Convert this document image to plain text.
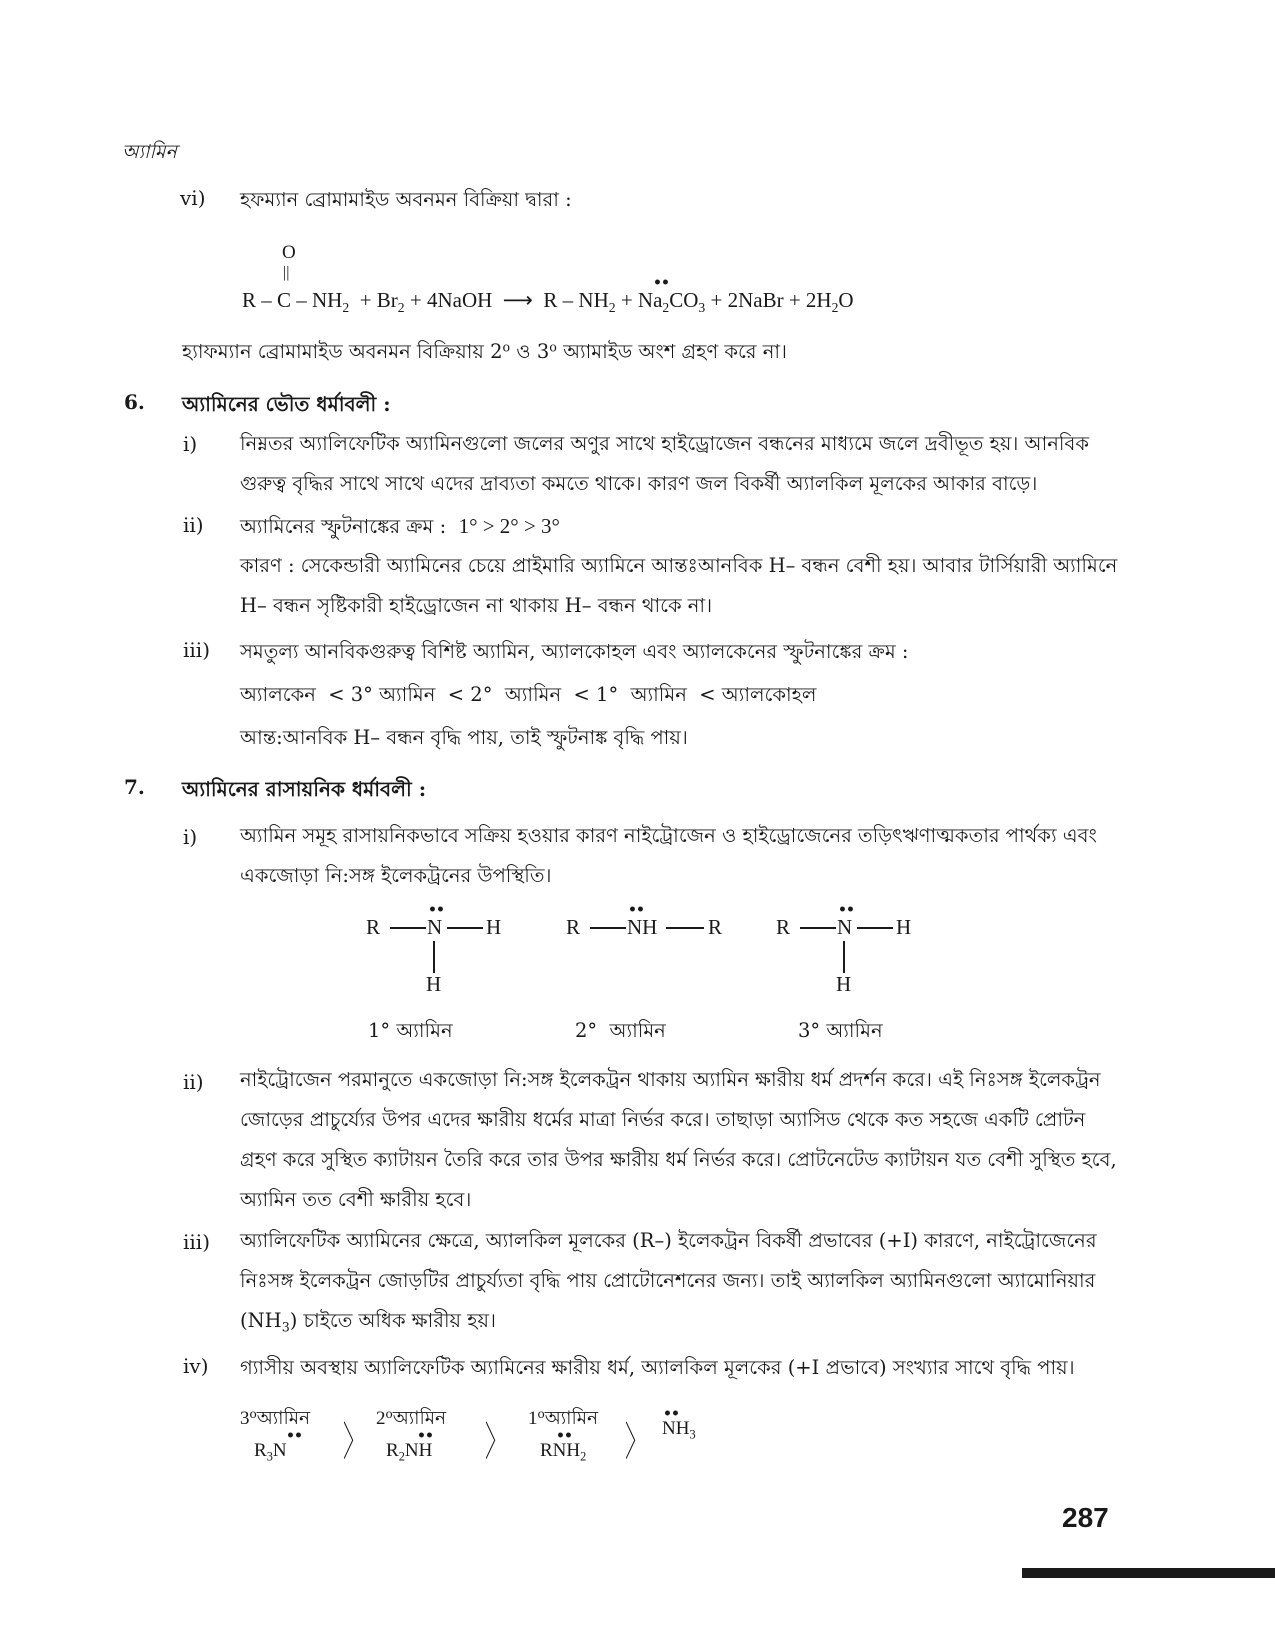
অ্যামিন
vi) হফম্যান ব্রোমামাইড অবনমন বিক্রিয়া দ্বারা :
O
||
$R - C - NH_2 + Br_2$ + 4NaOH ⟶ $R - NH_2 + Na_2CO_3$ + 2NaBr + $2H_2O$
••
হ্যাফম্যান ব্রোমামাইড অবনমন বিক্রিয়ায় 2$^o$ ও 3$^o$ অ্যামাইড অংশ গ্রহণ করে না।
6. অ্যামিনের ভৌত ধর্মাবলী :
i) নিম্নতর অ্যালিফেটিক অ্যামিনগুলো জলের অণুর সাথে হাইড্রোজেন বন্ধনের মাধ্যমে জলে দ্রবীভূত হয়। আনবিক গুরুত্ব বৃদ্ধির সাথে সাথে এদের দ্রাব্যতা কমতে থাকে। কারণ জল বিকর্ষী অ্যালকিল মূলকের আকার বাড়ে।
ii) অ্যামিনের স্ফুটনাঙ্কের ক্রম : 1° > 2° > 3°
কারণ : সেকেন্ডারী অ্যামিনের চেয়ে প্রাইমারি অ্যামিনে আন্তঃআনবিক H– বন্ধন বেশী হয়। আবার টার্সিয়ারী অ্যামিনে H– বন্ধন সৃষ্টিকারী হাইড্রোজেন না থাকায় H– বন্ধন থাকে না।
iii) সমতুল্য আনবিকগুরুত্ব বিশিষ্ট অ্যামিন, অ্যালকোহল এবং অ্যালকেনের স্ফুটনাঙ্কের ক্রম :
অ্যালকেন  < 3° অ্যামিন  < 2°  অ্যামিন  < 1°  অ্যামিন  < অ্যালকোহল
আন্ত:আনবিক H– বন্ধন বৃদ্ধি পায়, তাই স্ফুটনাঙ্ক বৃদ্ধি পায়।
7. অ্যামিনের রাসায়নিক ধর্মাবলী :
i) অ্যামিন সমূহ রাসায়নিকভাবে সক্রিয় হওয়ার কারণ নাইট্রোজেন ও হাইড্রোজেনের তড়িৎঋণাত্মকতার পার্থক্য এবং একজোড়া নি:সঙ্গ ইলেকট্রনের উপস্থিতি।
R N
••
H
H
1° অ্যামিন
R NH
••
R
2°  অ্যামিন
R N
••
H
H
3° অ্যামিন
ii) নাইট্রোজেন পরমানুতে একজোড়া নি:সঙ্গ ইলেকট্রন থাকায় অ্যামিন ক্ষারীয় ধর্ম প্রদর্শন করে। এই নিঃসঙ্গ ইলেকট্রন জোড়ের প্রাচুর্য্যের উপর এদের ক্ষারীয় ধর্মের মাত্রা নির্ভর করে। তাছাড়া অ্যাসিড থেকে কত সহজে একটি প্রোটন গ্রহণ করে সুস্থিত ক্যাটায়ন তৈরি করে তার উপর ক্ষারীয় ধর্ম নির্ভর করে। প্রোটনেটেড ক্যাটায়ন যত বেশী সুস্থিত হবে, অ্যামিন তত বেশী ক্ষারীয় হবে।
iii) অ্যালিফেটিক অ্যামিনের ক্ষেত্রে, অ্যালকিল মূলকের (R–) ইলেকট্রন বিকর্ষী প্রভাবের (+I) কারণে, নাইট্রোজেনের নিঃসঙ্গ ইলেকট্রন জোড়টির প্রাচুর্য্যতা বৃদ্ধি পায় প্রোটোনেশনের জন্য। তাই অ্যালকিল অ্যামিনগুলো অ্যামোনিয়ার $(NH_3)$ চাইতে অধিক ক্ষারীয় হয়।
iv) গ্যাসীয় অবস্থায় অ্যালিফেটিক অ্যামিনের ক্ষারীয় ধর্ম, অ্যালকিল মূলকের (+I প্রভাবে) সংখ্যার সাথে বৃদ্ধি পায়।
3$^o$অ্যামিন
$R_3N$
•• 〉
2$^o$অ্যামিন
$R_2NH$
•• 〉
1$^o$অ্যামিন
$RNH_2$
•• 〉 $NH_3$
••
287
